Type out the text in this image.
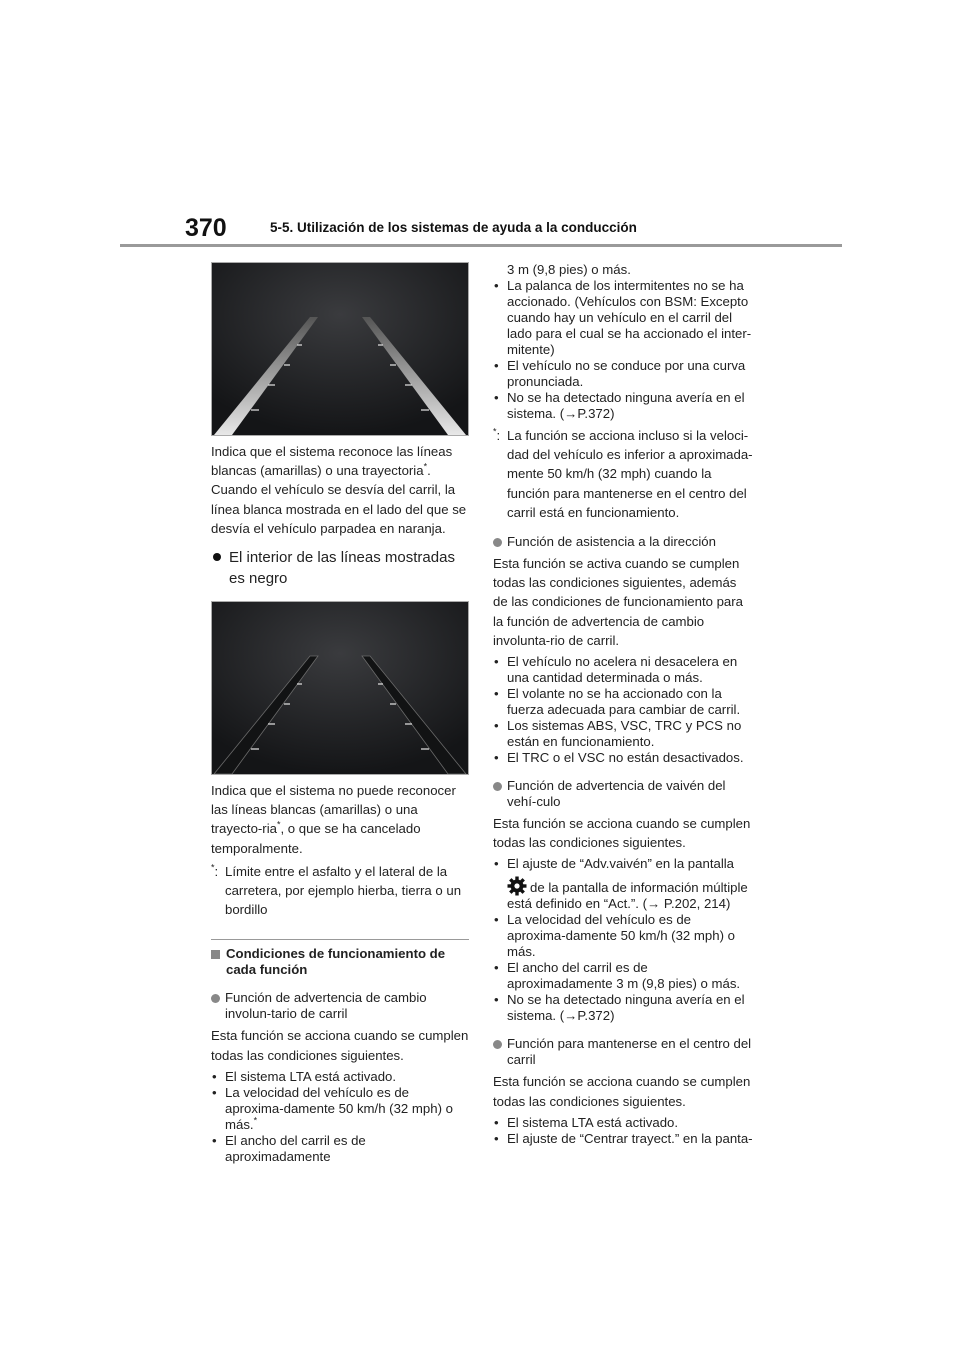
370	5-5. Utilización de los sistemas de ayuda a la conducción

Indica que el sistema reconoce las líneas blancas (amarillas) o una trayectoria*. Cuando el vehículo se desvía del carril, la línea blanca mostrada en el lado del que se desvía el vehículo parpadea en naranja.

El interior de las líneas mostradas es negro

Indica que el sistema no puede reconocer las líneas blancas (amarillas) o una trayecto-ria*, o que se ha cancelado temporalmente.

*: Límite entre el asfalto y el lateral de la carretera, por ejemplo hierba, tierra o un bordillo
Condiciones de funcionamiento de cada función
Función de advertencia de cambio involun-tario de carril

Esta función se acciona cuando se cumplen todas las condiciones siguientes.

• El sistema LTA está activado.
• La velocidad del vehículo es de aproxima-damente 50 km/h (32 mph) o más.*
• El ancho del carril es de aproximadamente
3 m (9,8 pies) o más.
• La palanca de los intermitentes no se ha accionado. (Vehículos con BSM: Excepto cuando hay un vehículo en el carril del lado para el cual se ha accionado el inter-mitente)
• El vehículo no se conduce por una curva pronunciada.
• No se ha detectado ninguna avería en el sistema. (→P.372)
*: La función se acciona incluso si la veloci-dad del vehículo es inferior a aproximada-mente 50 km/h (32 mph) cuando la función para mantenerse en el centro del carril está en funcionamiento.
Función de asistencia a la dirección

Esta función se activa cuando se cumplen todas las condiciones siguientes, además de las condiciones de funcionamiento para la función de advertencia de cambio involunta-rio de carril.

• El vehículo no acelera ni desacelera en una cantidad determinada o más.
• El volante no se ha accionado con la fuerza adecuada para cambiar de carril.
• Los sistemas ABS, VSC, TRC y PCS no están en funcionamiento.
• El TRC o el VSC no están desactivados.
Función de advertencia de vaivén del vehí-culo

Esta función se acciona cuando se cumplen todas las condiciones siguientes.

• El ajuste de “Adv.vaivén” en la pantalla
de la pantalla de información múltiple está definido en “Act.”. (→ P.202, 214)
• La velocidad del vehículo es de aproxima-damente 50 km/h (32 mph) o más.
• El ancho del carril es de aproximadamente 3 m (9,8 pies) o más.
• No se ha detectado ninguna avería en el sistema. (→P.372)
Función para mantenerse en el centro del carril

Esta función se acciona cuando se cumplen todas las condiciones siguientes.

• El sistema LTA está activado.
• El ajuste de “Centrar trayect.” en la panta-
